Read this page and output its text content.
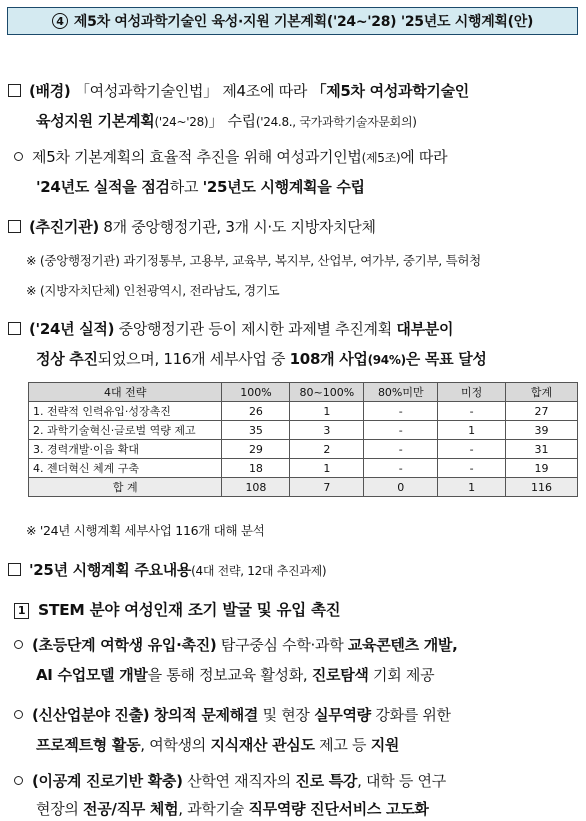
4 제5차 여성과학기술인 육성·지원 기본계획('24~'28) '25년도 시행계획(안)
(배경) 「여성과학기술인법」 제4조에 따라 「제5차 여성과학기술인
육성지원 기본계획('24~'28)」 수립('24.8., 국가과학기술자문회의)
제5차 기본계획의 효율적 추진을 위해 여성과기인법(제5조)에 따라
'24년도 실적을 점검하고 '25년도 시행계획을 수립
(추진기관) 8개 중앙행정기관, 3개 시·도 지방자치단체
※ (중앙행정기관) 과기정통부, 고용부, 교육부, 복지부, 산업부, 여가부, 중기부, 특허청
※ (지방자치단체) 인천광역시, 전라남도, 경기도
('24년 실적) 중앙행정기관 등이 제시한 과제별 추진계획 대부분이
정상 추진되었으며, 116개 세부사업 중 108개 사업(94%)은 목표 달성
4대 전략	100%	80~100%	80%미만	미정	합계
1. 전략적 인력유입·성장촉진	26	1	-	-	27
2. 과학기술혁신·글로벌 역량 제고	35	3	-	1	39
3. 경력개발·이음 확대	29	2	-	-	31
4. 젠더혁신 체계 구축	18	1	-	-	19
합 계	108	7	0	1	116
※ '24년 시행계획 세부사업 116개 대해 분석
'25년 시행계획 주요내용(4대 전략, 12대 추진과제)
1 STEM 분야 여성인재 조기 발굴 및 유입 촉진
(초등단계 여학생 유입·촉진) 탐구중심 수학·과학 교육콘텐츠 개발,
AI 수업모델 개발을 통해 정보교육 활성화, 진로탐색 기회 제공
(신산업분야 진출) 창의적 문제해결 및 현장 실무역량 강화를 위한
프로젝트형 활동, 여학생의 지식재산 관심도 제고 등 지원
(이공계 진로기반 확충) 산학연 재직자의 진로 특강, 대학 등 연구
현장의 전공/직무 체험, 과학기술 직무역량 진단서비스 고도화
